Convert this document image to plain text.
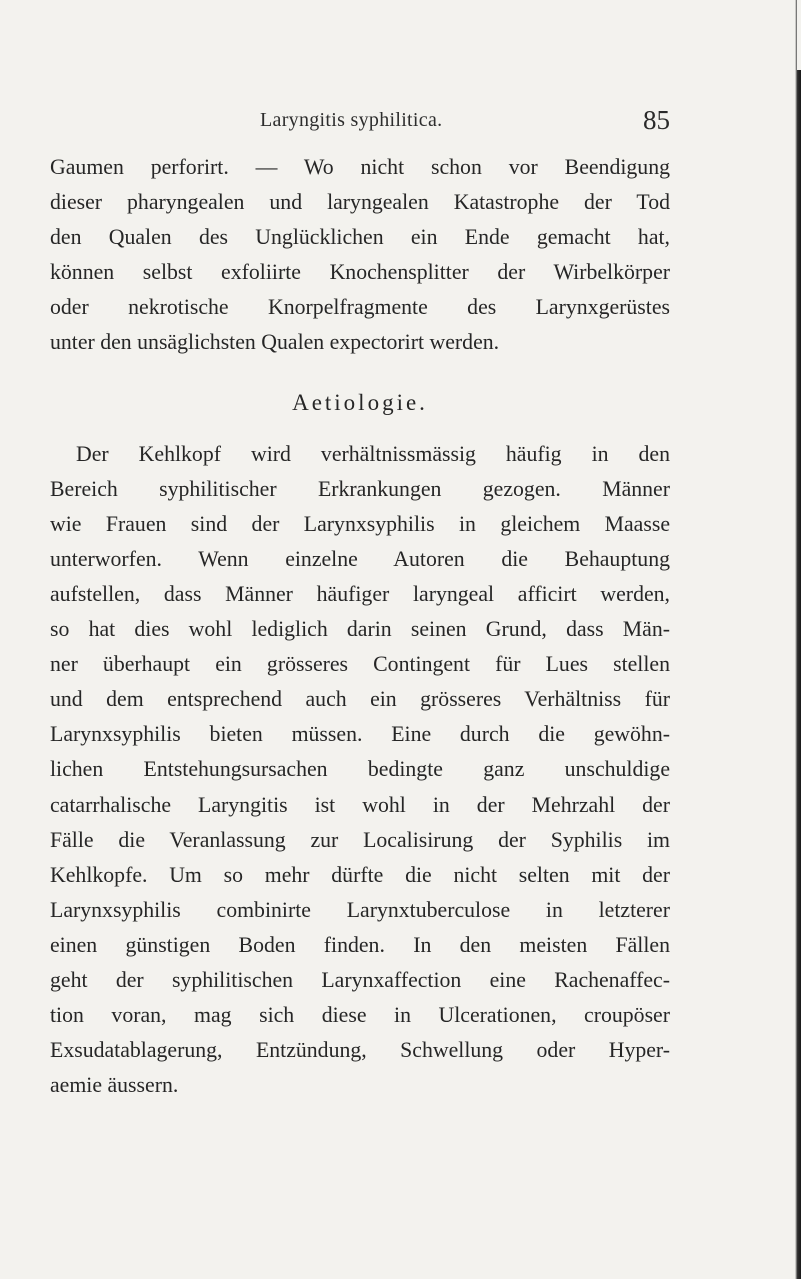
Laryngitis syphilitica.	85
Gaumen perforirt. — Wo nicht schon vor Beendigung
dieser pharyngealen und laryngealen Katastrophe der Tod
den Qualen des Unglücklichen ein Ende gemacht hat,
können selbst exfoliirte Knochensplitter der Wirbelkörper
oder nekrotische Knorpelfragmente des Larynxgerüstes
unter den unsäglichsten Qualen expectorirt werden.
Aetiologie.
Der Kehlkopf wird verhältnissmässig häufig in den
Bereich syphilitischer Erkrankungen gezogen. Männer
wie Frauen sind der Larynxsyphilis in gleichem Maasse
unterworfen. Wenn einzelne Autoren die Behauptung
aufstellen, dass Männer häufiger laryngeal afficirt werden,
so hat dies wohl lediglich darin seinen Grund, dass Män-
ner überhaupt ein grösseres Contingent für Lues stellen
und dem entsprechend auch ein grösseres Verhältniss für
Larynxsyphilis bieten müssen. Eine durch die gewöhn-
lichen Entstehungsursachen bedingte ganz unschuldige
catarrhalische Laryngitis ist wohl in der Mehrzahl der
Fälle die Veranlassung zur Localisirung der Syphilis im
Kehlkopfe. Um so mehr dürfte die nicht selten mit der
Larynxsyphilis combinirte Larynxtuberculose in letzterer
einen günstigen Boden finden. In den meisten Fällen
geht der syphilitischen Larynxaffection eine Rachenaffec-
tion voran, mag sich diese in Ulcerationen, croupöser
Exsudatablagerung, Entzündung, Schwellung oder Hyper-
aemie äussern.
